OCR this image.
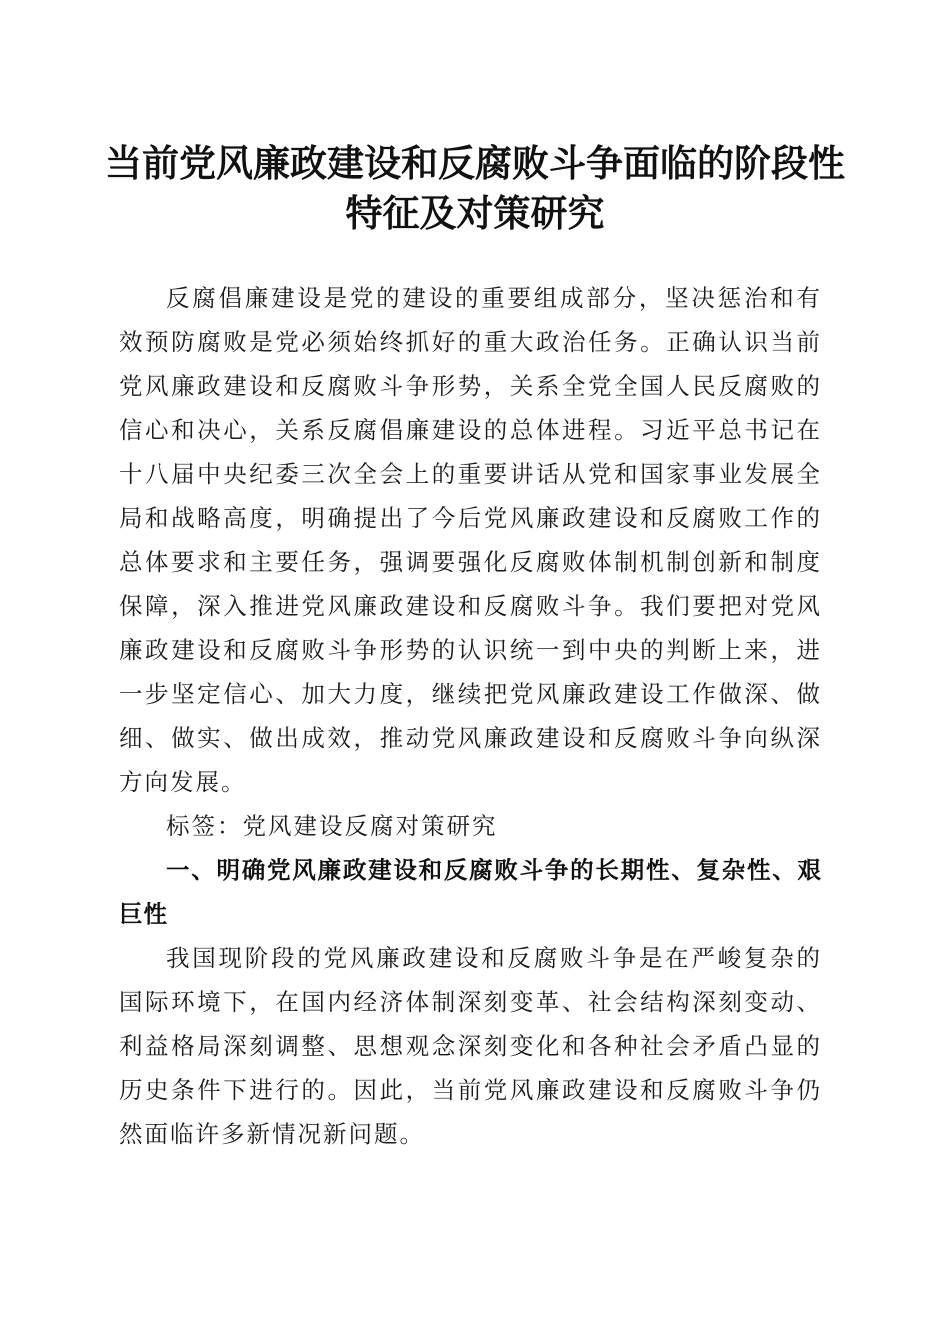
当前党风廉政建设和反腐败斗争面临的阶段性
特征及对策研究

反腐倡廉建设是党的建设的重要组成部分，坚决惩治和有效预防腐败是党必须始终抓好的重大政治任务。正确认识当前党风廉政建设和反腐败斗争形势，关系全党全国人民反腐败的信心和决心，关系反腐倡廉建设的总体进程。习近平总书记在十八届中央纪委三次全会上的重要讲话从党和国家事业发展全局和战略高度，明确提出了今后党风廉政建设和反腐败工作的总体要求和主要任务，强调要强化反腐败体制机制创新和制度保障，深入推进党风廉政建设和反腐败斗争。我们要把对党风廉政建设和反腐败斗争形势的认识统一到中央的判断上来，进一步坚定信心、加大力度，继续把党风廉政建设工作做深、做细、做实、做出成效，推动党风廉政建设和反腐败斗争向纵深方向发展。

标签：党风建设反腐对策研究

一、明确党风廉政建设和反腐败斗争的长期性、复杂性、艰巨性

我国现阶段的党风廉政建设和反腐败斗争是在严峻复杂的国际环境下，在国内经济体制深刻变革、社会结构深刻变动、利益格局深刻调整、思想观念深刻变化和各种社会矛盾凸显的历史条件下进行的。因此，当前党风廉政建设和反腐败斗争仍然面临许多新情况新问题。
